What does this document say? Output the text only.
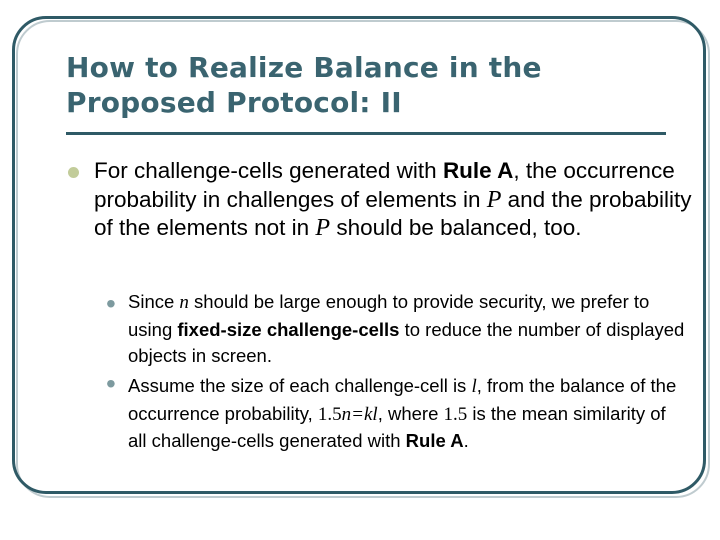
How to Realize Balance in the
Proposed Protocol: II
For challenge-cells generated with Rule A, the occurrence probability in challenges of elements in P and the probability of the elements not in P should be balanced, too.
• Since n should be large enough to provide security, we prefer to using fixed-size challenge-cells to reduce the number of displayed objects in screen.
• Assume the size of each challenge-cell is l, from the balance of the occurrence probability, 1.5n=kl, where 1.5 is the mean similarity of all challenge-cells generated with Rule A.
